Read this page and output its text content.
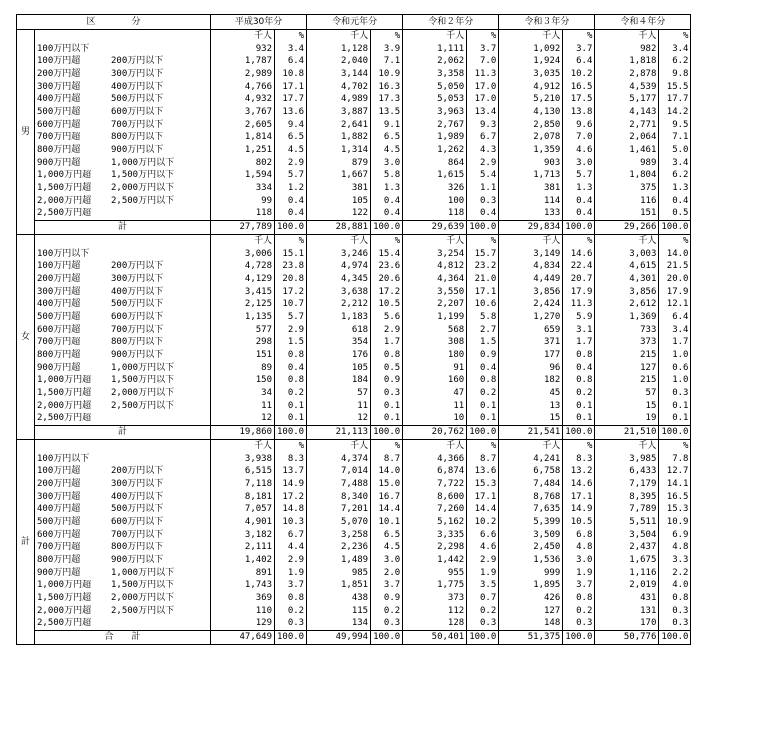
区　　　　分		平成30年分		令和元年分		令和２年分		令和３年分		令和４年分	
男		千人	%	千人	%	千人	%	千人	%	千人	%
	100万円以下	932	3.4	1,128	3.9	1,111	3.7	1,092	3.7	982	3.4
	100万円超 200万円以下	1,787	6.4	2,040	7.1	2,062	7.0	1,924	6.4	1,818	6.2
	200万円超 300万円以下	2,989	10.8	3,144	10.9	3,358	11.3	3,035	10.2	2,878	9.8
	300万円超 400万円以下	4,766	17.1	4,702	16.3	5,050	17.0	4,912	16.5	4,539	15.5
	400万円超 500万円以下	4,932	17.7	4,989	17.3	5,053	17.0	5,210	17.5	5,177	17.7
	500万円超 600万円以下	3,767	13.6	3,887	13.5	3,963	13.4	4,130	13.8	4,143	14.2
	600万円超 700万円以下	2,605	9.4	2,641	9.1	2,767	9.3	2,850	9.6	2,771	9.5
	700万円超 800万円以下	1,814	6.5	1,882	6.5	1,989	6.7	2,078	7.0	2,064	7.1
	800万円超 900万円以下	1,251	4.5	1,314	4.5	1,262	4.3	1,359	4.6	1,461	5.0
	900万円超 1,000万円以下	802	2.9	879	3.0	864	2.9	903	3.0	989	3.4
	1,000万円超 1,500万円以下	1,594	5.7	1,667	5.8	1,615	5.4	1,713	5.7	1,804	6.2
	1,500万円超 2,000万円以下	334	1.2	381	1.3	326	1.1	381	1.3	375	1.3
	2,000万円超 2,500万円以下	99	0.4	105	0.4	100	0.3	114	0.4	116	0.4
	2,500万円超	118	0.4	122	0.4	118	0.4	133	0.4	151	0.5
	計	27,789	100.0	28,881	100.0	29,639	100.0	29,834	100.0	29,266	100.0
女		千人	%	千人	%	千人	%	千人	%	千人	%
	100万円以下	3,006	15.1	3,246	15.4	3,254	15.7	3,149	14.6	3,003	14.0
	100万円超 200万円以下	4,728	23.8	4,974	23.6	4,812	23.2	4,834	22.4	4,615	21.5
	200万円超 300万円以下	4,129	20.8	4,345	20.6	4,364	21.0	4,449	20.7	4,301	20.0
	300万円超 400万円以下	3,415	17.2	3,638	17.2	3,550	17.1	3,856	17.9	3,856	17.9
	400万円超 500万円以下	2,125	10.7	2,212	10.5	2,207	10.6	2,424	11.3	2,612	12.1
	500万円超 600万円以下	1,135	5.7	1,183	5.6	1,199	5.8	1,270	5.9	1,369	6.4
	600万円超 700万円以下	577	2.9	618	2.9	568	2.7	659	3.1	733	3.4
	700万円超 800万円以下	298	1.5	354	1.7	308	1.5	371	1.7	373	1.7
	800万円超 900万円以下	151	0.8	176	0.8	180	0.9	177	0.8	215	1.0
	900万円超 1,000万円以下	89	0.4	105	0.5	91	0.4	96	0.4	127	0.6
	1,000万円超 1,500万円以下	150	0.8	184	0.9	160	0.8	182	0.8	215	1.0
	1,500万円超 2,000万円以下	34	0.2	57	0.3	47	0.2	45	0.2	57	0.3
	2,000万円超 2,500万円以下	11	0.1	11	0.1	11	0.1	13	0.1	15	0.1
	2,500万円超	12	0.1	12	0.1	10	0.1	15	0.1	19	0.1
	計	19,860	100.0	21,113	100.0	20,762	100.0	21,541	100.0	21,510	100.0
計		千人	%	千人	%	千人	%	千人	%	千人	%
	100万円以下	3,938	8.3	4,374	8.7	4,366	8.7	4,241	8.3	3,985	7.8
	100万円超 200万円以下	6,515	13.7	7,014	14.0	6,874	13.6	6,758	13.2	6,433	12.7
	200万円超 300万円以下	7,118	14.9	7,488	15.0	7,722	15.3	7,484	14.6	7,179	14.1
	300万円超 400万円以下	8,181	17.2	8,340	16.7	8,600	17.1	8,768	17.1	8,395	16.5
	400万円超 500万円以下	7,057	14.8	7,201	14.4	7,260	14.4	7,635	14.9	7,789	15.3
	500万円超 600万円以下	4,901	10.3	5,070	10.1	5,162	10.2	5,399	10.5	5,511	10.9
	600万円超 700万円以下	3,182	6.7	3,258	6.5	3,335	6.6	3,509	6.8	3,504	6.9
	700万円超 800万円以下	2,111	4.4	2,236	4.5	2,298	4.6	2,450	4.8	2,437	4.8
	800万円超 900万円以下	1,402	2.9	1,489	3.0	1,442	2.9	1,536	3.0	1,675	3.3
	900万円超 1,000万円以下	891	1.9	985	2.0	955	1.9	999	1.9	1,116	2.2
	1,000万円超 1,500万円以下	1,743	3.7	1,851	3.7	1,775	3.5	1,895	3.7	2,019	4.0
	1,500万円超 2,000万円以下	369	0.8	438	0.9	373	0.7	426	0.8	431	0.8
	2,000万円超 2,500万円以下	110	0.2	115	0.2	112	0.2	127	0.2	131	0.3
	2,500万円超	129	0.3	134	0.3	128	0.3	148	0.3	170	0.3
	合　　計	47,649	100.0	49,994	100.0	50,401	100.0	51,375	100.0	50,776	100.0
